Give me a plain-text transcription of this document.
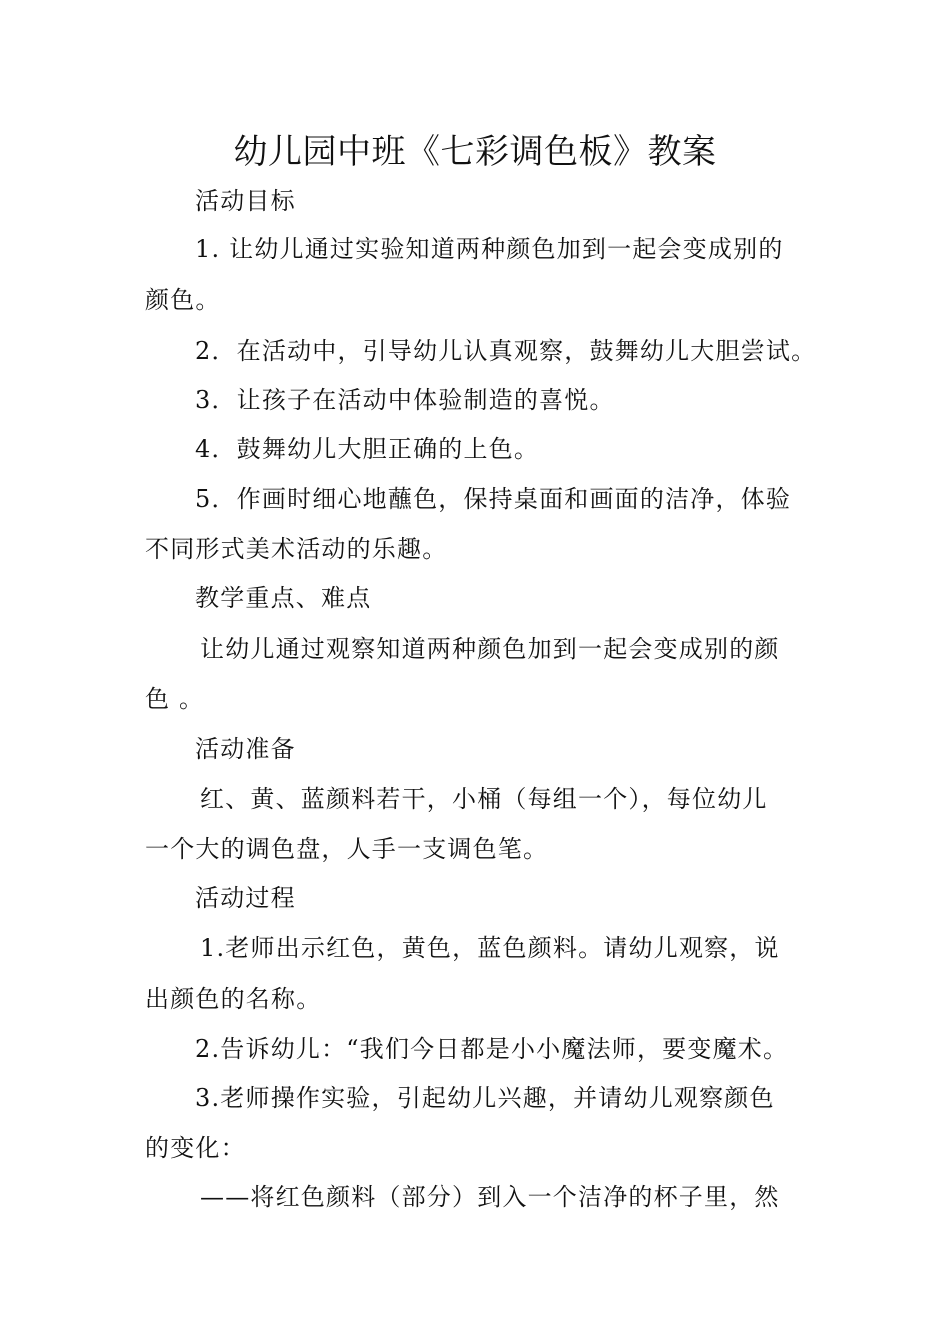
幼儿园中班《七彩调色板》教案
活动目标
1. 让幼儿通过实验知道两种颜色加到一起会变成别的
颜色。
2．在活动中，引导幼儿认真观察，鼓舞幼儿大胆尝试。
3．让孩子在活动中体验制造的喜悦。
4．鼓舞幼儿大胆正确的上色。
5．作画时细心地蘸色，保持桌面和画面的洁净，体验
不同形式美术活动的乐趣。
教学重点、难点
让幼儿通过观察知道两种颜色加到一起会变成别的颜
色 。
活动准备
红、黄、蓝颜料若干，小桶（每组一个），每位幼儿
一个大的调色盘，人手一支调色笔。
活动过程
1.老师出示红色，黄色，蓝色颜料。请幼儿观察，说
出颜色的名称。
2.告诉幼儿：“我们今日都是小小魔法师，要变魔术。
3.老师操作实验，引起幼儿兴趣，并请幼儿观察颜色
的变化：
——将红色颜料（部分）到入一个洁净的杯子里，然
